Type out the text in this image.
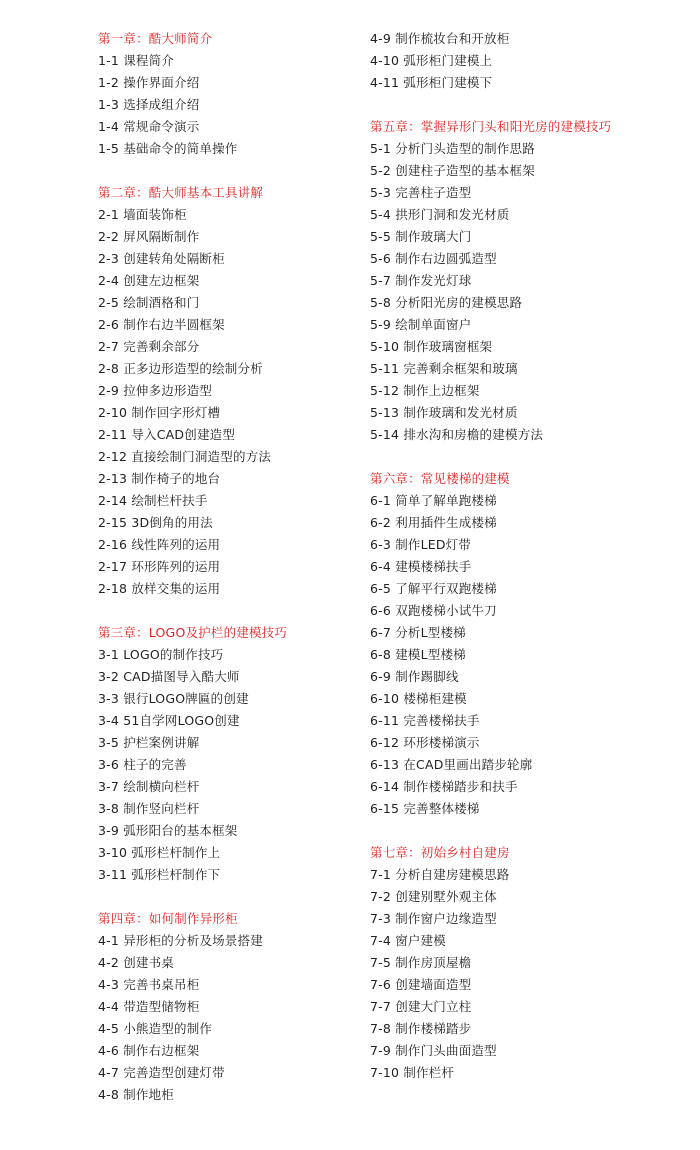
第一章：酷大师简介
1-1 课程简介
1-2 操作界面介绍
1-3 选择成组介绍
1-4 常规命令演示
1-5 基础命令的简单操作
第二章：酷大师基本工具讲解
2-1 墙面装饰柜
2-2 屏风隔断制作
2-3 创建转角处隔断柜
2-4 创建左边框架
2-5 绘制酒格和门
2-6 制作右边半圆框架
2-7 完善剩余部分
2-8 正多边形造型的绘制分析
2-9 拉伸多边形造型
2-10 制作回字形灯槽
2-11 导入CAD创建造型
2-12 直接绘制门洞造型的方法
2-13 制作椅子的地台
2-14 绘制栏杆扶手
2-15 3D倒角的用法
2-16 线性阵列的运用
2-17 环形阵列的运用
2-18 放样交集的运用
第三章：LOGO及护栏的建模技巧
3-1 LOGO的制作技巧
3-2 CAD描图导入酷大师
3-3 银行LOGO牌匾的创建
3-4 51自学网LOGO创建
3-5 护栏案例讲解
3-6 柱子的完善
3-7 绘制横向栏杆
3-8 制作竖向栏杆
3-9 弧形阳台的基本框架
3-10 弧形栏杆制作上
3-11 弧形栏杆制作下
第四章：如何制作异形柜
4-1 异形柜的分析及场景搭建
4-2 创建书桌
4-3 完善书桌吊柜
4-4 带造型储物柜
4-5 小熊造型的制作
4-6 制作右边框架
4-7 完善造型创建灯带
4-8 制作地柜
4-9 制作梳妆台和开放柜
4-10 弧形柜门建模上
4-11 弧形柜门建模下
第五章：掌握异形门头和阳光房的建模技巧
5-1 分析门头造型的制作思路
5-2 创建柱子造型的基本框架
5-3 完善柱子造型
5-4 拱形门洞和发光材质
5-5 制作玻璃大门
5-6 制作右边圆弧造型
5-7 制作发光灯球
5-8 分析阳光房的建模思路
5-9 绘制单面窗户
5-10 制作玻璃窗框架
5-11 完善剩余框架和玻璃
5-12 制作上边框架
5-13 制作玻璃和发光材质
5-14 排水沟和房檐的建模方法
第六章：常见楼梯的建模
6-1 简单了解单跑楼梯
6-2 利用插件生成楼梯
6-3 制作LED灯带
6-4 建模楼梯扶手
6-5 了解平行双跑楼梯
6-6 双跑楼梯小试牛刀
6-7 分析L型楼梯
6-8 建模L型楼梯
6-9 制作踢脚线
6-10 楼梯柜建模
6-11 完善楼梯扶手
6-12 环形楼梯演示
6-13 在CAD里画出踏步轮廓
6-14 制作楼梯踏步和扶手
6-15 完善整体楼梯
第七章：初始乡村自建房
7-1 分析自建房建模思路
7-2 创建别墅外观主体
7-3 制作窗户边缘造型
7-4 窗户建模
7-5 制作房顶屋檐
7-6 创建墙面造型
7-7 创建大门立柱
7-8 制作楼梯踏步
7-9 制作门头曲面造型
7-10 制作栏杆
